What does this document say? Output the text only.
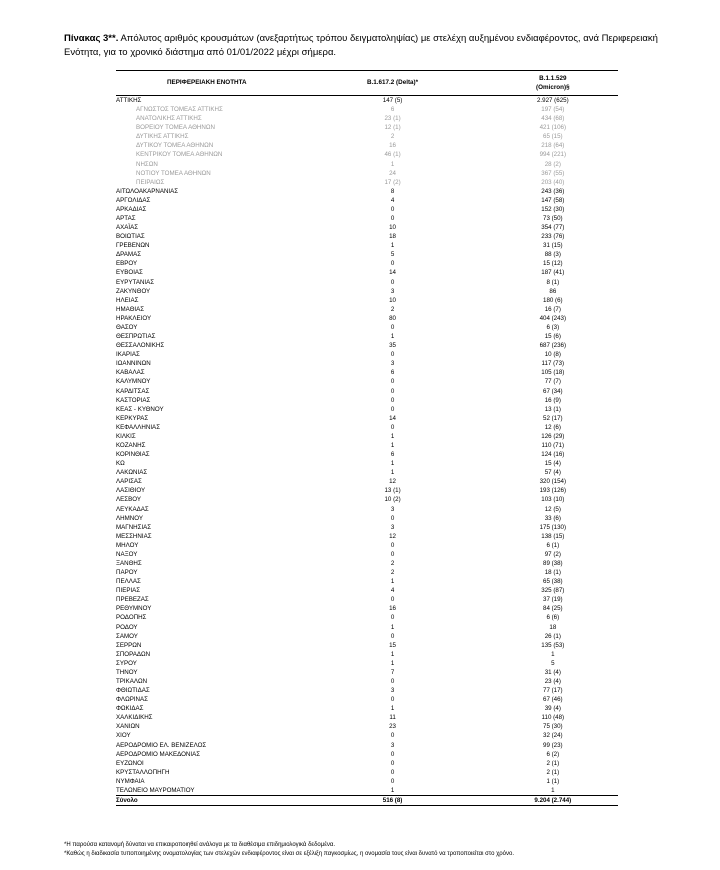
Πίνακας 3**. Απόλυτος αριθμός κρουσμάτων (ανεξαρτήτως τρόπου δειγματοληψίας) με στελέχη αυξημένου ενδιαφέροντος, ανά Περιφερειακή Ενότητα, για το χρονικό διάστημα από 01/01/2022 μέχρι σήμερα.
ΠΕΡΙΦΕΡΕΙΑΚΗ ΕΝΟΤΗΤΑ	B.1.617.2 (Delta)*	B.1.1.529
(Omicron)§

ΑΤΤΙΚΗΣ	147 (5)	2.927 (625)
ΑΓΝΩΣΤΟΣ ΤΟΜΕΑΣ ΑΤΤΙΚΗΣ	6	197 (54)
ΑΝΑΤΟΛΙΚΗΣ ΑΤΤΙΚΗΣ	23 (1)	434 (68)
ΒΟΡΕΙΟΥ ΤΟΜΕΑ ΑΘΗΝΩΝ	12 (1)	421 (106)
ΔΥΤΙΚΗΣ ΑΤΤΙΚΗΣ	2	65 (15)
ΔΥΤΙΚΟΥ ΤΟΜΕΑ ΑΘΗΝΩΝ	16	218 (64)
ΚΕΝΤΡΙΚΟΥ ΤΟΜΕΑ ΑΘΗΝΩΝ	46 (1)	994 (221)
ΝΗΣΩΝ	1	28 (2)
ΝΟΤΙΟΥ ΤΟΜΕΑ ΑΘΗΝΩΝ	24	367 (55)
ΠΕΙΡΑΙΩΣ	17 (2)	203 (40)
ΑΙΤΩΛΟΑΚΑΡΝΑΝΙΑΣ	8	243 (36)
ΑΡΓΟΛΙΔΑΣ	4	147 (58)
ΑΡΚΑΔΙΑΣ	0	152 (30)
ΑΡΤΑΣ	0	73 (50)
ΑΧΑΪΑΣ	10	354 (77)
ΒΟΙΩΤΙΑΣ	18	233 (76)
ΓΡΕΒΕΝΩΝ	1	31 (15)
ΔΡΑΜΑΣ	5	88 (3)
ΕΒΡΟΥ	0	15 (12)
ΕΥΒΟΙΑΣ	14	187 (41)
ΕΥΡΥΤΑΝΙΑΣ	0	8 (1)
ΖΑΚΥΝΘΟΥ	3	86
ΗΛΕΙΑΣ	10	180 (6)
ΗΜΑΘΙΑΣ	2	16 (7)
ΗΡΑΚΛΕΙΟΥ	80	404 (243)
ΘΑΣΟΥ	0	6 (3)
ΘΕΣΠΡΩΤΙΑΣ	1	15 (6)
ΘΕΣΣΑΛΟΝΙΚΗΣ	35	687 (236)
ΙΚΑΡΙΑΣ	0	10 (8)
ΙΩΑΝΝΙΝΩΝ	3	117 (73)
ΚΑΒΑΛΑΣ	6	105 (18)
ΚΑΛΥΜΝΟΥ	0	77 (7)
ΚΑΡΔΙΤΣΑΣ	0	67 (34)
ΚΑΣΤΟΡΙΑΣ	0	16 (9)
ΚΕΑΣ - ΚΥΘΝΟΥ	0	13 (1)
ΚΕΡΚΥΡΑΣ	14	52 (17)
ΚΕΦΑΛΛΗΝΙΑΣ	0	12 (6)
ΚΙΛΚΙΣ	1	126 (29)
ΚΟΖΑΝΗΣ	1	110 (71)
ΚΟΡΙΝΘΙΑΣ	6	124 (16)
ΚΩ	1	15 (4)
ΛΑΚΩΝΙΑΣ	1	57 (4)
ΛΑΡΙΣΑΣ	12	320 (154)
ΛΑΣΙΘΙΟΥ	13 (1)	193 (126)
ΛΕΣΒΟΥ	10 (2)	103 (10)
ΛΕΥΚΑΔΑΣ	3	12 (5)
ΛΗΜΝΟΥ	0	33 (6)
ΜΑΓΝΗΣΙΑΣ	3	175 (130)
ΜΕΣΣΗΝΙΑΣ	12	138 (15)
ΜΗΛΟΥ	0	6 (1)
ΝΑΞΟΥ	0	97 (2)
ΞΑΝΘΗΣ	2	89 (38)
ΠΑΡΟΥ	2	18 (1)
ΠΕΛΛΑΣ	1	65 (38)
ΠΙΕΡΙΑΣ	4	325 (87)
ΠΡΕΒΕΖΑΣ	0	37 (19)
ΡΕΘΥΜΝΟΥ	16	84 (25)
ΡΟΔΟΠΗΣ	0	6 (6)
ΡΟΔΟΥ	1	18
ΣΑΜΟΥ	0	26 (1)
ΣΕΡΡΩΝ	15	135 (53)
ΣΠΟΡΑΔΩΝ	1	1
ΣΥΡΟΥ	1	5
ΤΗΝΟΥ	7	31 (4)
ΤΡΙΚΑΛΩΝ	0	23 (4)
ΦΘΙΩΤΙΔΑΣ	3	77 (17)
ΦΛΩΡΙΝΑΣ	0	67 (46)
ΦΩΚΙΔΑΣ	1	39 (4)
ΧΑΛΚΙΔΙΚΗΣ	11	110 (48)
ΧΑΝΙΩΝ	23	75 (30)
ΧΙΟΥ	0	32 (24)
ΑΕΡΟΔΡΟΜΙΟ ΕΛ. ΒΕΝΙΖΕΛΟΣ	3	99 (23)
ΑΕΡΟΔΡΟΜΙΟ ΜΑΚΕΔΟΝΙΑΣ	0	6 (2)
ΕΥΖΩΝΟΙ	0	2 (1)
ΚΡΥΣΤΑΛΛΟΠΗΓΗ	0	2 (1)
ΝΥΜΦΑΙΑ	0	1 (1)
ΤΕΛΩΝΕΙΟ ΜΑΥΡΟΜΑΤΙΟΥ	1	1
Σύνολο	516 (8)	9.204 (2.744)
*Η παρούσα κατανομή δύναται να επικαιροποιηθεί ανάλογα με τα διαθέσιμα επιδημιολογικά δεδομένα.
*Καθώς η διαδικασία τυποποιημένης ονοματολογίας των στελεχών ενδιαφέροντος είναι σε εξέλιξη παγκοσμίως, η ονομασία τους είναι δυνατό να τροποποιείται στο χρόνο.
